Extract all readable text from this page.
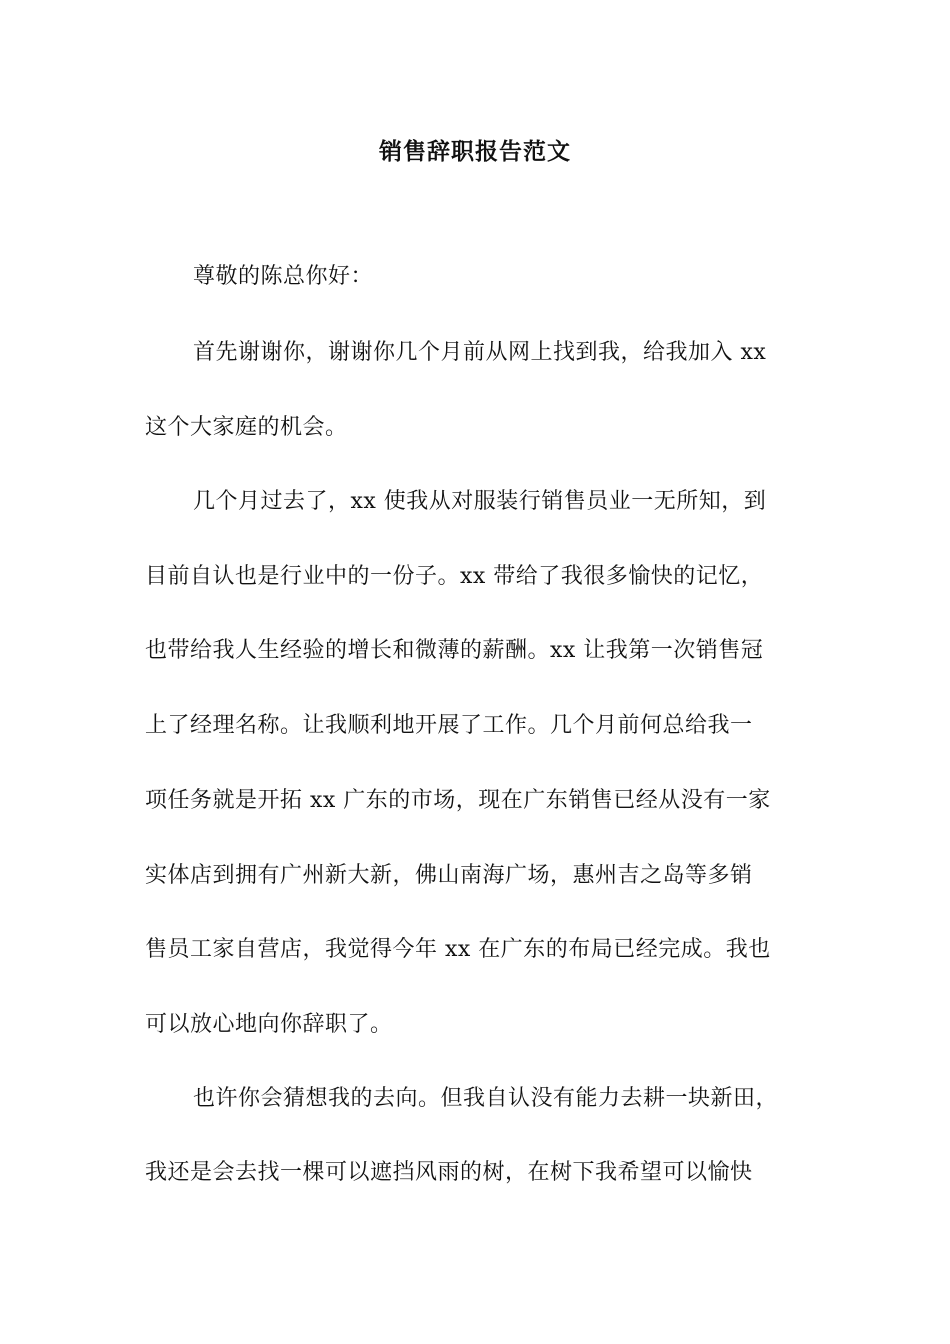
销售辞职报告范文
尊敬的陈总你好：
首先谢谢你，谢谢你几个月前从网上找到我，给我加入 xx
这个大家庭的机会。
几个月过去了，xx 使我从对服装行销售员业一无所知，到
目前自认也是行业中的一份子。xx 带给了我很多愉快的记忆，
也带给我人生经验的增长和微薄的薪酬。xx 让我第一次销售冠
上了经理名称。让我顺利地开展了工作。几个月前何总给我一
项任务就是开拓 xx 广东的市场，现在广东销售已经从没有一家
实体店到拥有广州新大新，佛山南海广场，惠州吉之岛等多销
售员工家自营店，我觉得今年 xx 在广东的布局已经完成。我也
可以放心地向你辞职了。
也许你会猜想我的去向。但我自认没有能力去耕一块新田，
我还是会去找一棵可以遮挡风雨的树，在树下我希望可以愉快
